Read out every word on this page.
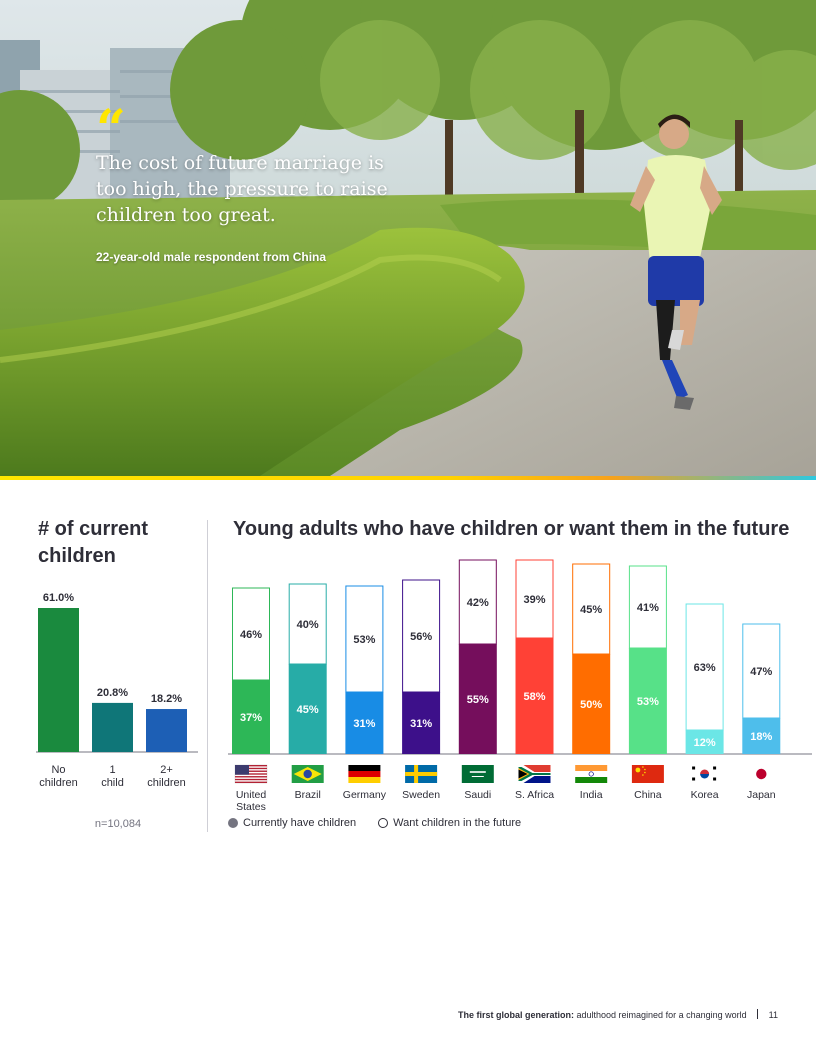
“
The cost of future marriage is too high, the pressure to raise children too great.
22-year-old male respondent from China
# of current children
61.0%
No
children
20.8%
1
child
18.2%
2+
children
n=10,084
Young adults who have children or want them in the future
46%
37%
United
States
40%
45%
Brazil
53%
31%
Germany
56%
31%
Sweden
42%
55%
Saudi
39%
58%
S. Africa
45%
50%
India
41%
53%
China
63%
12%
Korea
47%
18%
Japan
Currently have children	Want children in the future
The first global generation: adulthood reimagined for a changing world 11
